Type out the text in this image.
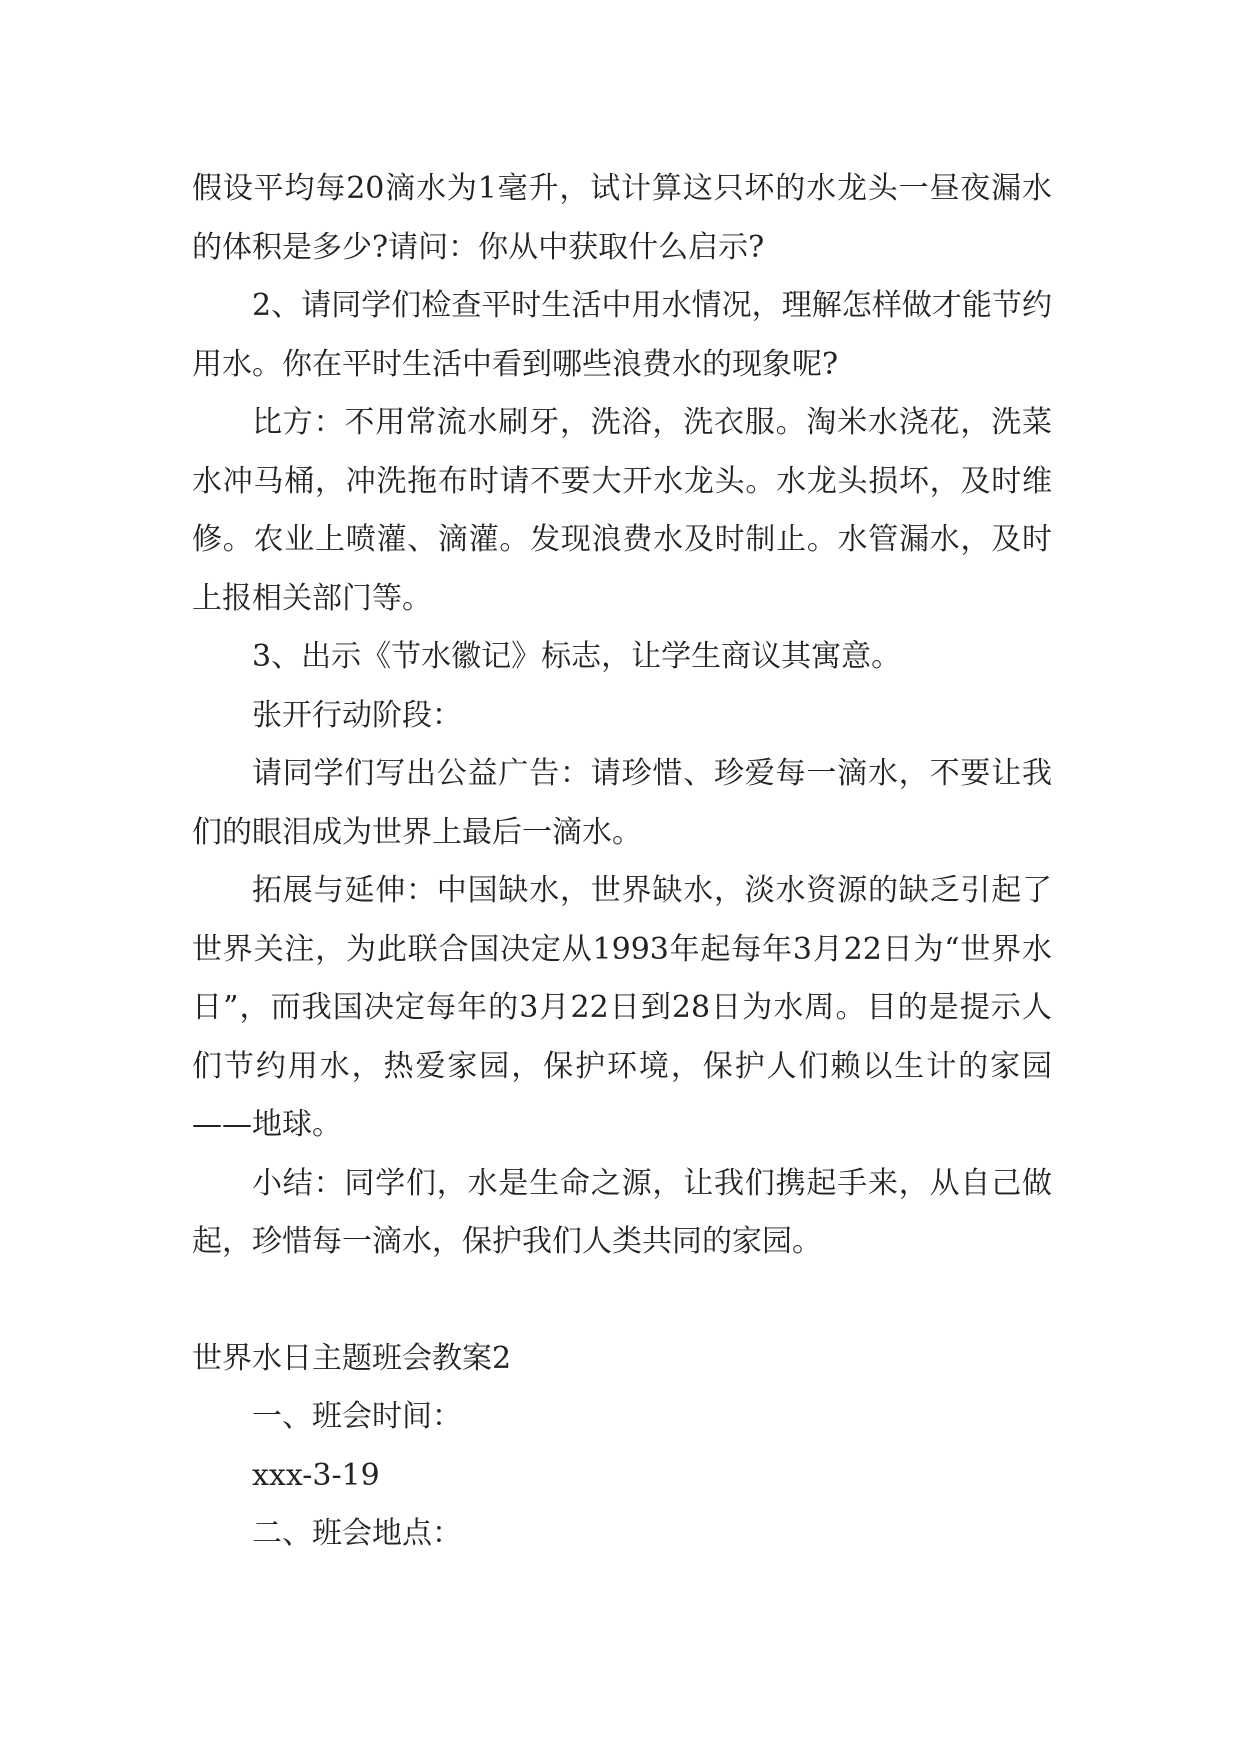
假设平均每20滴水为1毫升，试计算这只坏的水龙头一昼夜漏水的体积是多少?请问：你从中获取什么启示?

2、请同学们检查平时生活中用水情况，理解怎样做才能节约用水。你在平时生活中看到哪些浪费水的现象呢?

比方：不用常流水刷牙，洗浴，洗衣服。淘米水浇花，洗菜水冲马桶，冲洗拖布时请不要大开水龙头。水龙头损坏，及时维修。农业上喷灌、滴灌。发现浪费水及时制止。水管漏水，及时上报相关部门等。

3、出示《节水徽记》标志，让学生商议其寓意。

张开行动阶段：

请同学们写出公益广告：请珍惜、珍爱每一滴水，不要让我们的眼泪成为世界上最后一滴水。

拓展与延伸：中国缺水，世界缺水，淡水资源的缺乏引起了世界关注，为此联合国决定从1993年起每年3月22日为“世界水日”，而我国决定每年的3月22日到28日为水周。目的是提示人们节约用水，热爱家园，保护环境，保护人们赖以生计的家园——地球。

小结：同学们，水是生命之源，让我们携起手来，从自己做起，珍惜每一滴水，保护我们人类共同的家园。

世界水日主题班会教案2

一、班会时间：

xxx-3-19

二、班会地点：
